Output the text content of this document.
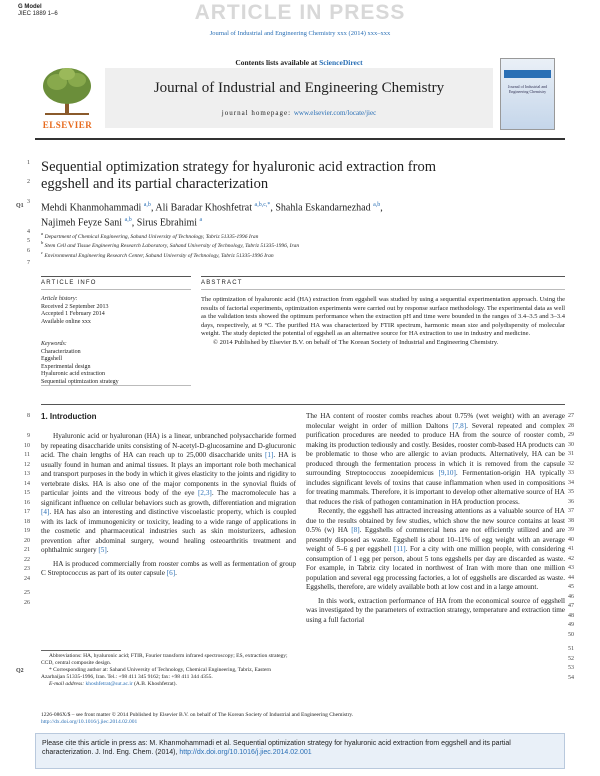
G Model
JIEC 1889 1–6	ARTICLE IN PRESS
Journal of Industrial and Engineering Chemistry xxx (2014) xxx–xxx
ELSEVIER
Contents lists available at ScienceDirect
Journal of Industrial and Engineering Chemistry
journal homepage: www.elsevier.com/locate/jiec
Journal of Industrial and Engineering Chemistry
1
2
3
4
5
6
7
8
9
10
11
12
13
14
15
16
17
18
19
20
21
22
23
24
25
26
Q1
Q2
27
28
29
30
31
32
33
34
35
36
37
38
39
40
41
42
43
44
45
46
47
48
49
50
51
52
53
54
Sequential optimization strategy for hyaluronic acid extraction from
eggshell and its partial characterization
Mehdi Khanmohammadi $^{a,b}$, Ali Baradar Khoshfetrat $^{a,b,c,*}$, Shahla Eskandarnezhad $^{a,b}$,
Najimeh Feyze Sani $^{a,b}$, Sirus Ebrahimi $^a$
$^a$ Department of Chemical Engineering, Sahand University of Technology, Tabriz 51335-1996 Iran
$^b$ Stem Cell and Tissue Engineering Research Laboratory, Sahand University of Technology, Tabriz 51335-1996, Iran
$^c$ Environmental Engineering Research Center, Sahand University of Technology, Tabriz 51335-1996 Iran
ARTICLE INFO	ABSTRACT
Article history:
Received 2 September 2013
Accepted 1 February 2014
Available online xxx
Keywords:
Characterization
Eggshell
Experimental design
Hyaluronic acid extraction
Sequential optimization strategy
The optimization of hyaluronic acid (HA) extraction from eggshell was studied by using a sequential experimentation approach. Using the results of factorial experiments, optimization experiments were carried out by response surface methodology. The experimental data as well as the validation tests showed the optimum performance when the extraction pH and time were bounded in the ranges of 3.4–3.5 and 3–3.4 days, respectively, at 9 °C. The purified HA was characterized by FTIR spectrum, harmonic mean size and polydispersity of molecular weight. The study depicted the potential of eggshell as an alternative source for HA extraction to use in industry and medicine.
© 2014 Published by Elsevier B.V. on behalf of The Korean Society of Industrial and Engineering Chemistry.
1. Introduction

Hyaluronic acid or hyaluronan (HA) is a linear, unbranched polysaccharide formed by repeating disaccharide units consisting of N-acetyl-D-glucosamine and D-glucuronic acid. The chain lengths of HA can reach up to 25,000 disaccharide units [1]. HA is usually found in human and animal tissues. It plays an important role both mechanical and transport purposes in the body in which it gives elasticity to the joints and rigidity to vertebrate disks. HA is also one of the major components in the synovial fluids of particular joints and the vitreous body of the eye [2,3]. The macromolecule has a significant influence on cellular behaviors such as growth, differentiation and migration [4]. HA has also an interesting and distinctive viscoelastic property, which is coupled with its lack of immunogenicity or toxicity, leading to a wide range of applications in the cosmetic and pharmaceutical industries such as skin moisturizers, adhesion prevention after abdominal surgery, wound healing osteoarthritis treatment and ophthalmic surgery [5].

HA is produced commercially from rooster combs as well as fermentation of group C Streptococcus as part of its outer capsule [6].

The HA content of rooster combs reaches about 0.75% (wet weight) with an average molecular weight in order of million Daltons [7,8]. Several repeated and complex purification procedures are needed to produce HA from the source of rooster comb, making its production tediously and costly. Besides, rooster comb-based HA products can be problematic to those who are allergic to avian products. Alternatively, HA can be produced through the fermentation process in which it is removed from the capsule surrounding Streptococcus zooepidemicus [9,10]. Fermentation-origin HA typically includes significant levels of toxins that cause inflammation when used in compositions for treating mammals. Therefore, it is important to develop other alternative source of HA that reduces the risk of pathogen contamination in HA production process.

Recently, the eggshell has attracted increasing attentions as a valuable source of HA due to the results obtained by few studies, which show the new source contains at least 0.5% (w) HA [8]. Eggshells of commercial hens are not efficiently utilized and are presently disposed as waste. Eggshell is about 10–11% of egg weight with an average weight of 5–6 g per eggshell [11]. For a city with one million people, with considering consumption of 1 egg per person, about 5 tons eggshells per day are discarded as waste. For example, in Tabriz city located in northwest of Iran with more than one million population and several egg processing factories, a lot of eggshells are discarded as waste. Eggshells, therefore, are widely available both at low cost and in a large amount.

In this work, extraction performance of HA from the economical source of eggshell was investigated by the parameters of extraction strategy, temperature and extraction time using a full factorial

Abbreviations: HA, hyaluronic acid; FTIR, Fourier transform infrared spectroscopy; ES, extraction strategy; CCD, central composite design.
* Corresponding author at: Sahand University of Technology, Chemical Engineering, Tabriz, Eastern Azarbaijan 51335-1996, Iran. Tel.: +98 411 345 9162; fax: +98 411 344 4355.
E-mail address: khoshfetrat@sut.ac.ir (A.B. Khoshfetrat).
1226-086X/$ – see front matter © 2014 Published by Elsevier B.V. on behalf of The Korean Society of Industrial and Engineering Chemistry.
http://dx.doi.org/10.1016/j.jiec.2014.02.001
Please cite this article in press as: M. Khanmohammadi et al. Sequential optimization strategy for hyaluronic acid extraction from eggshell and its partial characterization. J. Ind. Eng. Chem. (2014), http://dx.doi.org/10.1016/j.jiec.2014.02.001
